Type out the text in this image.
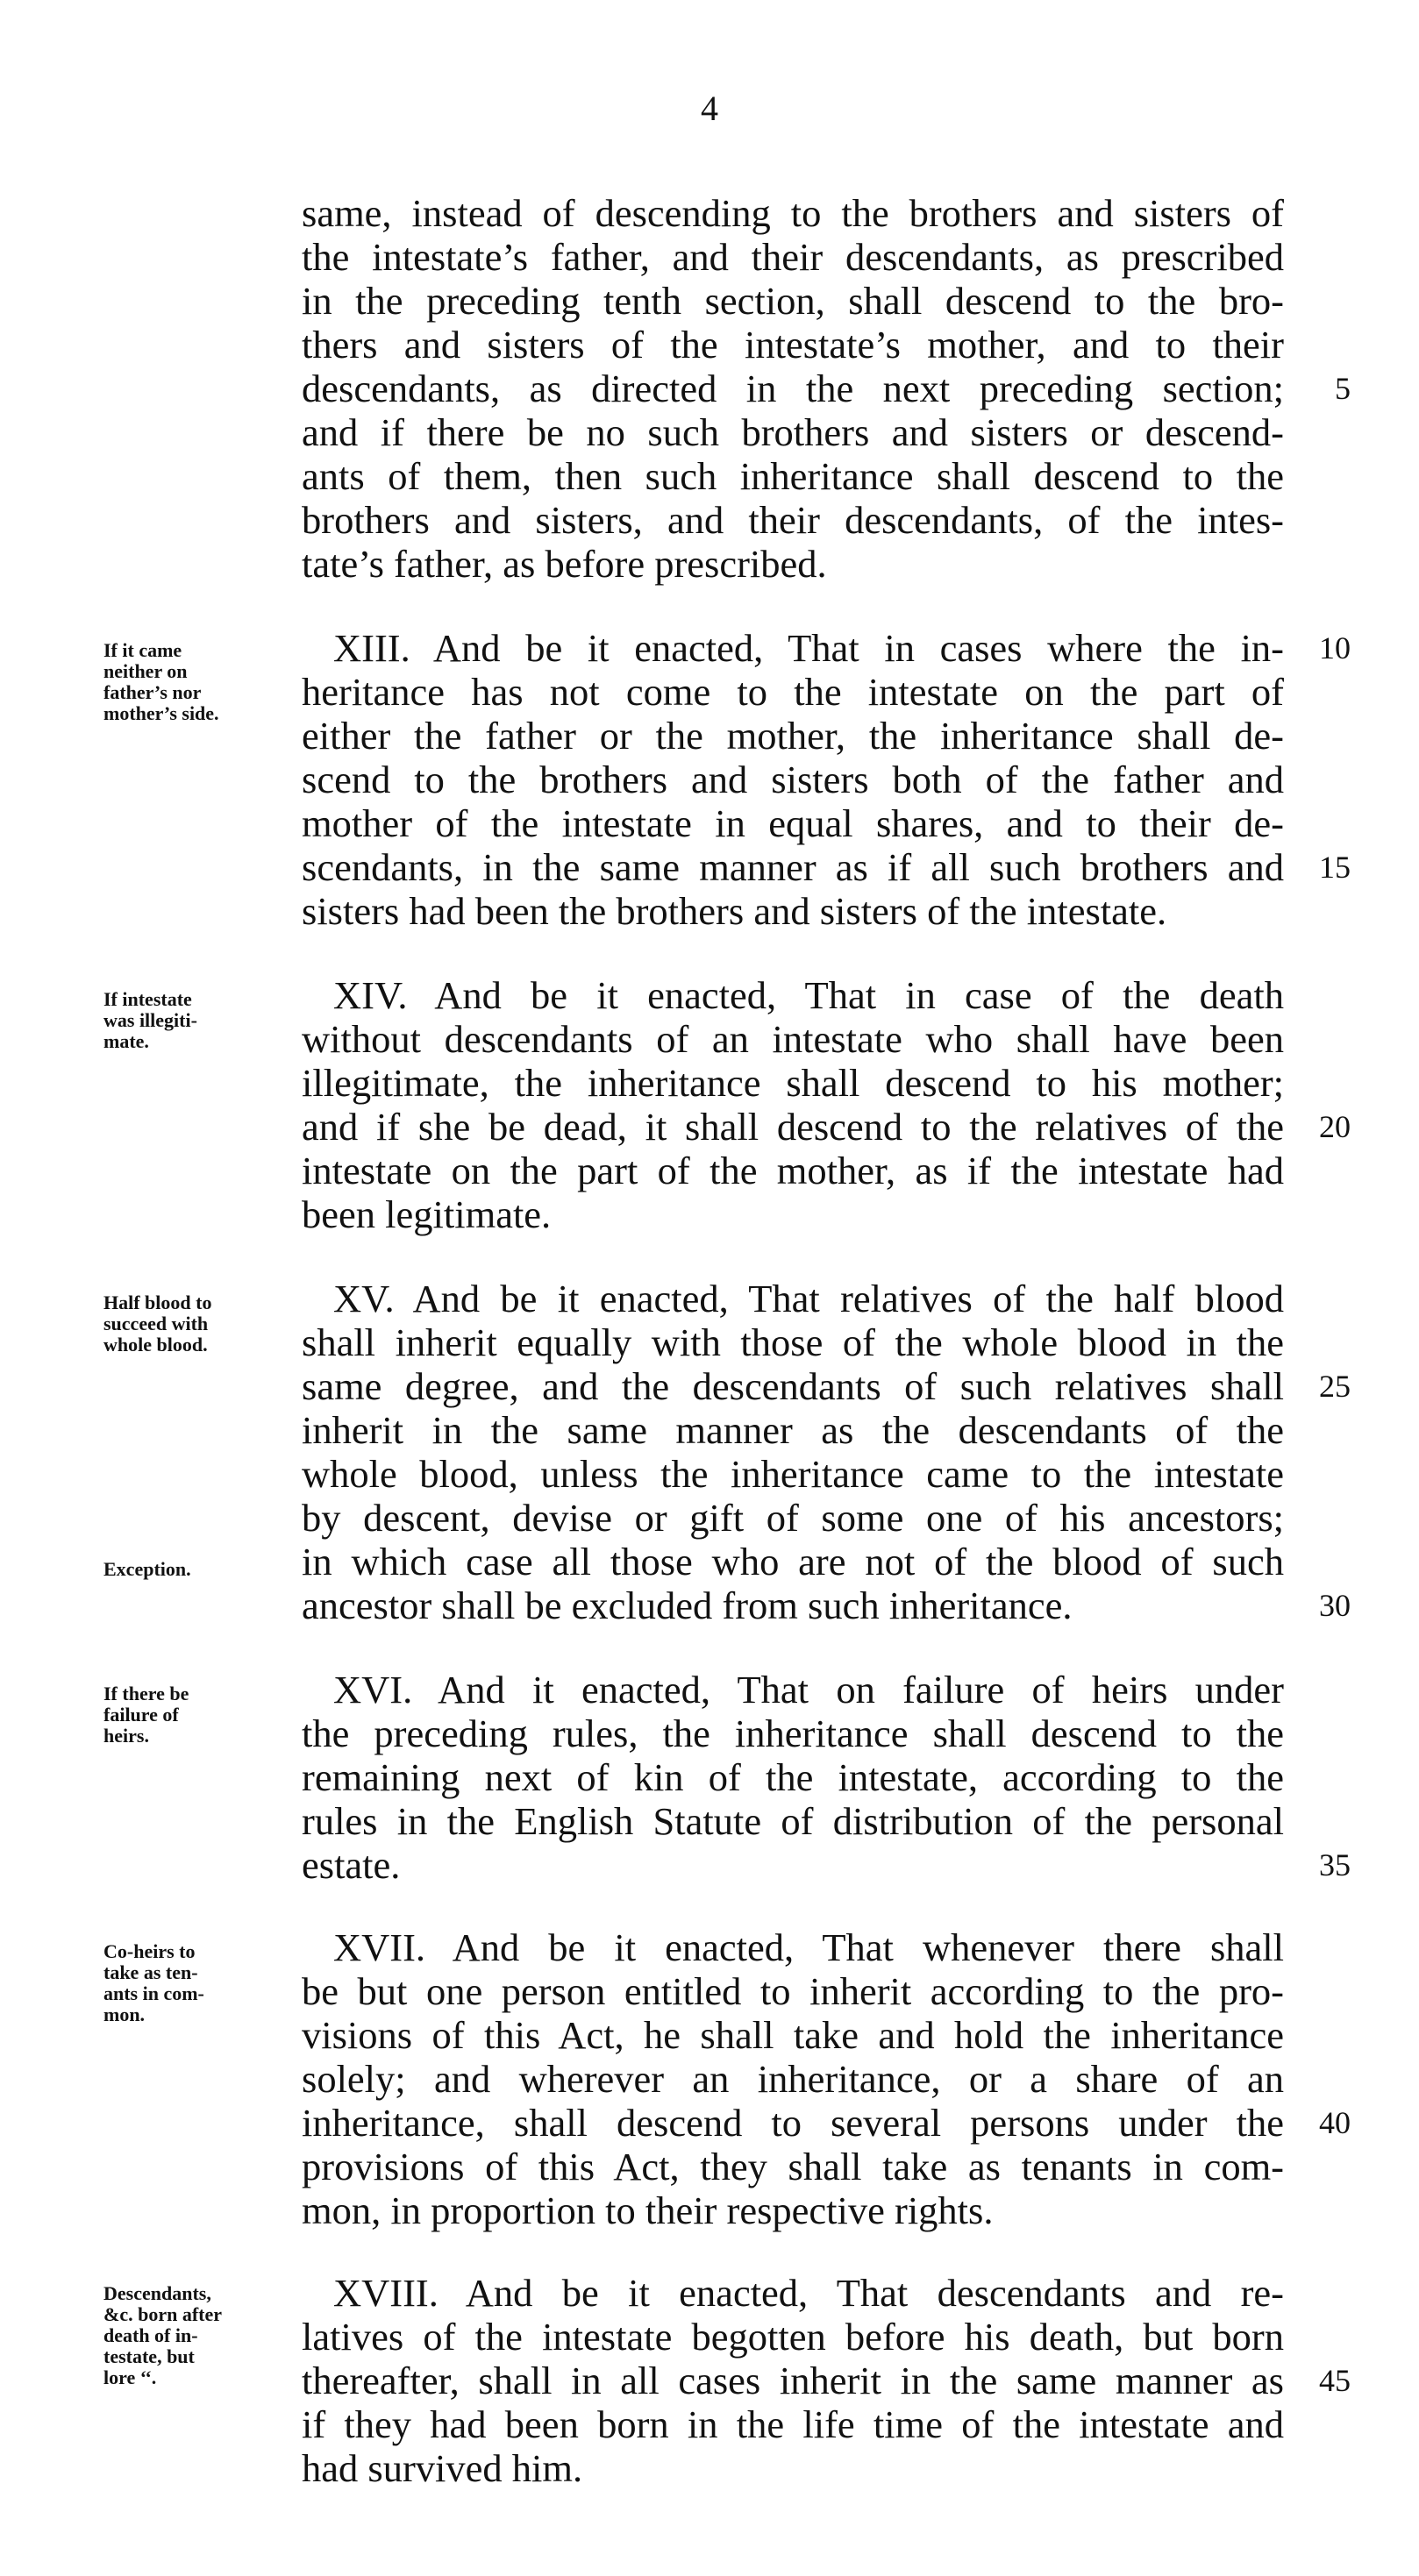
4
same, instead of descending to the brothers and sisters of
the intestate’s father, and their descendants, as prescribed
in the preceding tenth section, shall descend to the bro-
thers and sisters of the intestate’s mother, and to their
descendants, as directed in the next preceding section;
and if there be no such brothers and sisters or descend-
ants of them, then such inheritance shall descend to the
brothers and sisters, and their descendants, of the intes-
tate’s father, as before prescribed.
If it came
neither on
father’s nor
mother’s side.
XIII. And be it enacted, That in cases where the in-
heritance has not come to the intestate on the part of
either the father or the mother, the inheritance shall de-
scend to the brothers and sisters both of the father and
mother of the intestate in equal shares, and to their de-
scendants, in the same manner as if all such brothers and
sisters had been the brothers and sisters of the intestate.
If intestate
was illegiti-
mate.
XIV. And be it enacted, That in case of the death
without descendants of an intestate who shall have been
illegitimate, the inheritance shall descend to his mother;
and if she be dead, it shall descend to the relatives of the
intestate on the part of the mother, as if the intestate had
been legitimate.
Half blood to
succeed with
whole blood.
Exception.
XV. And be it enacted, That relatives of the half blood
shall inherit equally with those of the whole blood in the
same degree, and the descendants of such relatives shall
inherit in the same manner as the descendants of the
whole blood, unless the inheritance came to the intestate
by descent, devise or gift of some one of his ancestors;
in which case all those who are not of the blood of such
ancestor shall be excluded from such inheritance.
If there be
failure of
heirs.
XVI. And it enacted, That on failure of heirs under
the preceding rules, the inheritance shall descend to the
remaining next of kin of the intestate, according to the
rules in the English Statute of distribution of the personal
estate.
Co-heirs to
take as ten-
ants in com-
mon.
XVII. And be it enacted, That whenever there shall
be but one person entitled to inherit according to the pro-
visions of this Act, he shall take and hold the inheritance
solely; and wherever an inheritance, or a share of an
inheritance, shall descend to several persons under the
provisions of this Act, they shall take as tenants in com-
mon, in proportion to their respective rights.
Descendants,
&c. born after
death of in-
testate, but
lore ‘‘.
XVIII. And be it enacted, That descendants and re-
latives of the intestate begotten before his death, but born
thereafter, shall in all cases inherit in the same manner as
if they had been born in the life time of the intestate and
had survived him.
5
10
15
20
25
30
35
40
45
